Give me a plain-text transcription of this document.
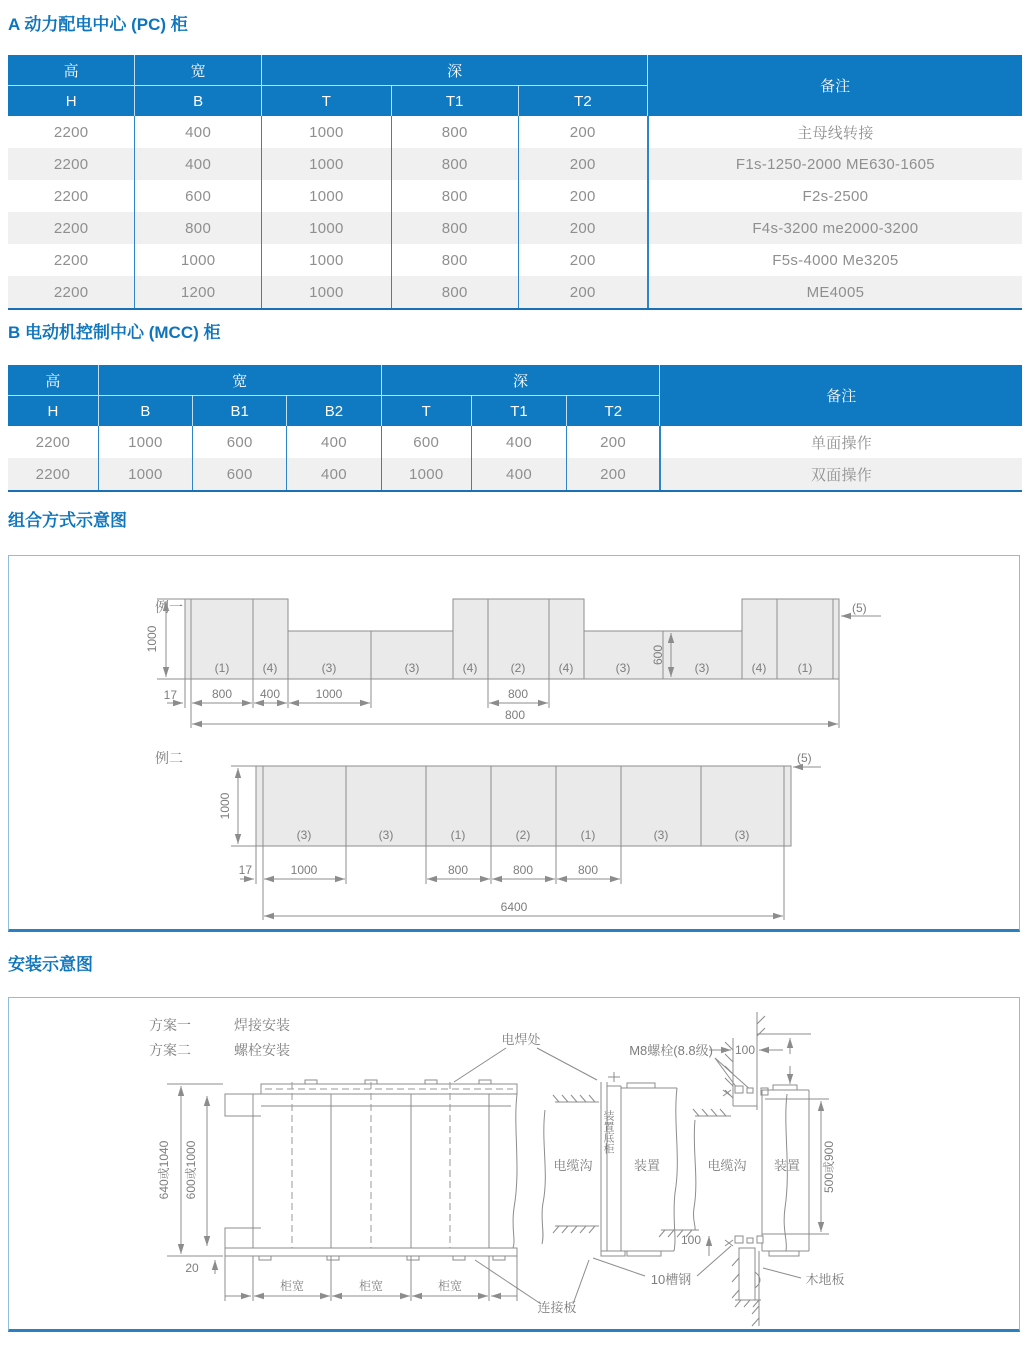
A 动力配电中心 (PC) 柜
高	宽	深			备注
H	B	T	T1	T2	
2200	400	1000	800	200	主母线转接
2200	400	1000	800	200	F1s-1250-2000 ME630-1605
2200	600	1000	800	200	F2s-2500
2200	800	1000	800	200	F4s-3200 me2000-3200
2200	1000	1000	800	200	F5s-4000 Me3205
2200	1200	1000	800	200	ME4005
B 电动机控制中心 (MCC) 柜
高	宽			深			备注
H	B	B1	B2	T	T1	T2	
2200	1000	600	400	600	400	200	单面操作
2200	1000	600	400	1000	400	200	双面操作
组合方式示意图
例一
(1)	(4)	(3)	(3)	(4)	(2)	(4)	(3)	(3)	(4)	(1)
1000
600
(5)
17	800 400	1000	800
800
例二
(3)	(3)	(1)	(2)	(1)	(3)	(3)
1000
(5)
17	1000	800	800	800
6400
安装示意图
方案一	焊接安装
方案二	螺栓安装
640或1040 600或1000
20
柜宽	柜宽	柜宽
连接板
电焊处
电缆沟
装置底柜
装置
M8螺栓(8.8级) 100
电缆沟 装置 500或900
100
10槽钢	木地板
